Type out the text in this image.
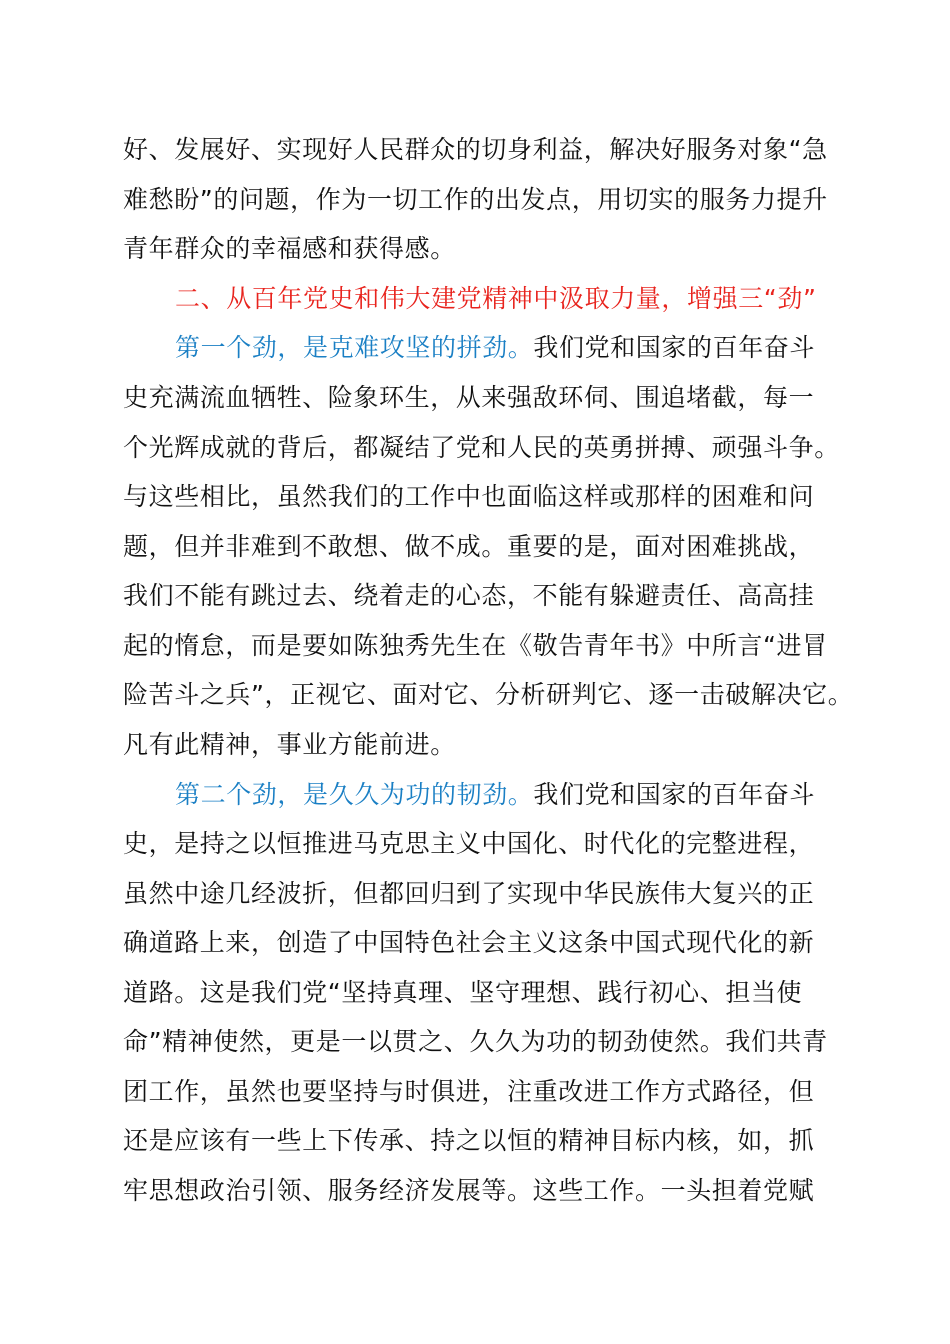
好、发展好、实现好人民群众的切身利益，解决好服务对象“急
难愁盼”的问题，作为一切工作的出发点，用切实的服务力提升
青年群众的幸福感和获得感。
二、从百年党史和伟大建党精神中汲取力量，增强三“劲”
第一个劲，是克难攻坚的拼劲。我们党和国家的百年奋斗
史充满流血牺牲、险象环生，从来强敌环伺、围追堵截，每一
个光辉成就的背后，都凝结了党和人民的英勇拼搏、顽强斗争。
与这些相比，虽然我们的工作中也面临这样或那样的困难和问
题，但并非难到不敢想、做不成。重要的是，面对困难挑战，
我们不能有跳过去、绕着走的心态，不能有躲避责任、高高挂
起的惰怠，而是要如陈独秀先生在《敬告青年书》中所言“进冒
险苦斗之兵”，正视它、面对它、分析研判它、逐一击破解决它。
凡有此精神，事业方能前进。
第二个劲，是久久为功的韧劲。我们党和国家的百年奋斗
史，是持之以恒推进马克思主义中国化、时代化的完整进程，
虽然中途几经波折，但都回归到了实现中华民族伟大复兴的正
确道路上来，创造了中国特色社会主义这条中国式现代化的新
道路。这是我们党“坚持真理、坚守理想、践行初心、担当使
命”精神使然，更是一以贯之、久久为功的韧劲使然。我们共青
团工作，虽然也要坚持与时俱进，注重改进工作方式路径，但
还是应该有一些上下传承、持之以恒的精神目标内核，如，抓
牢思想政治引领、服务经济发展等。这些工作。一头担着党赋
